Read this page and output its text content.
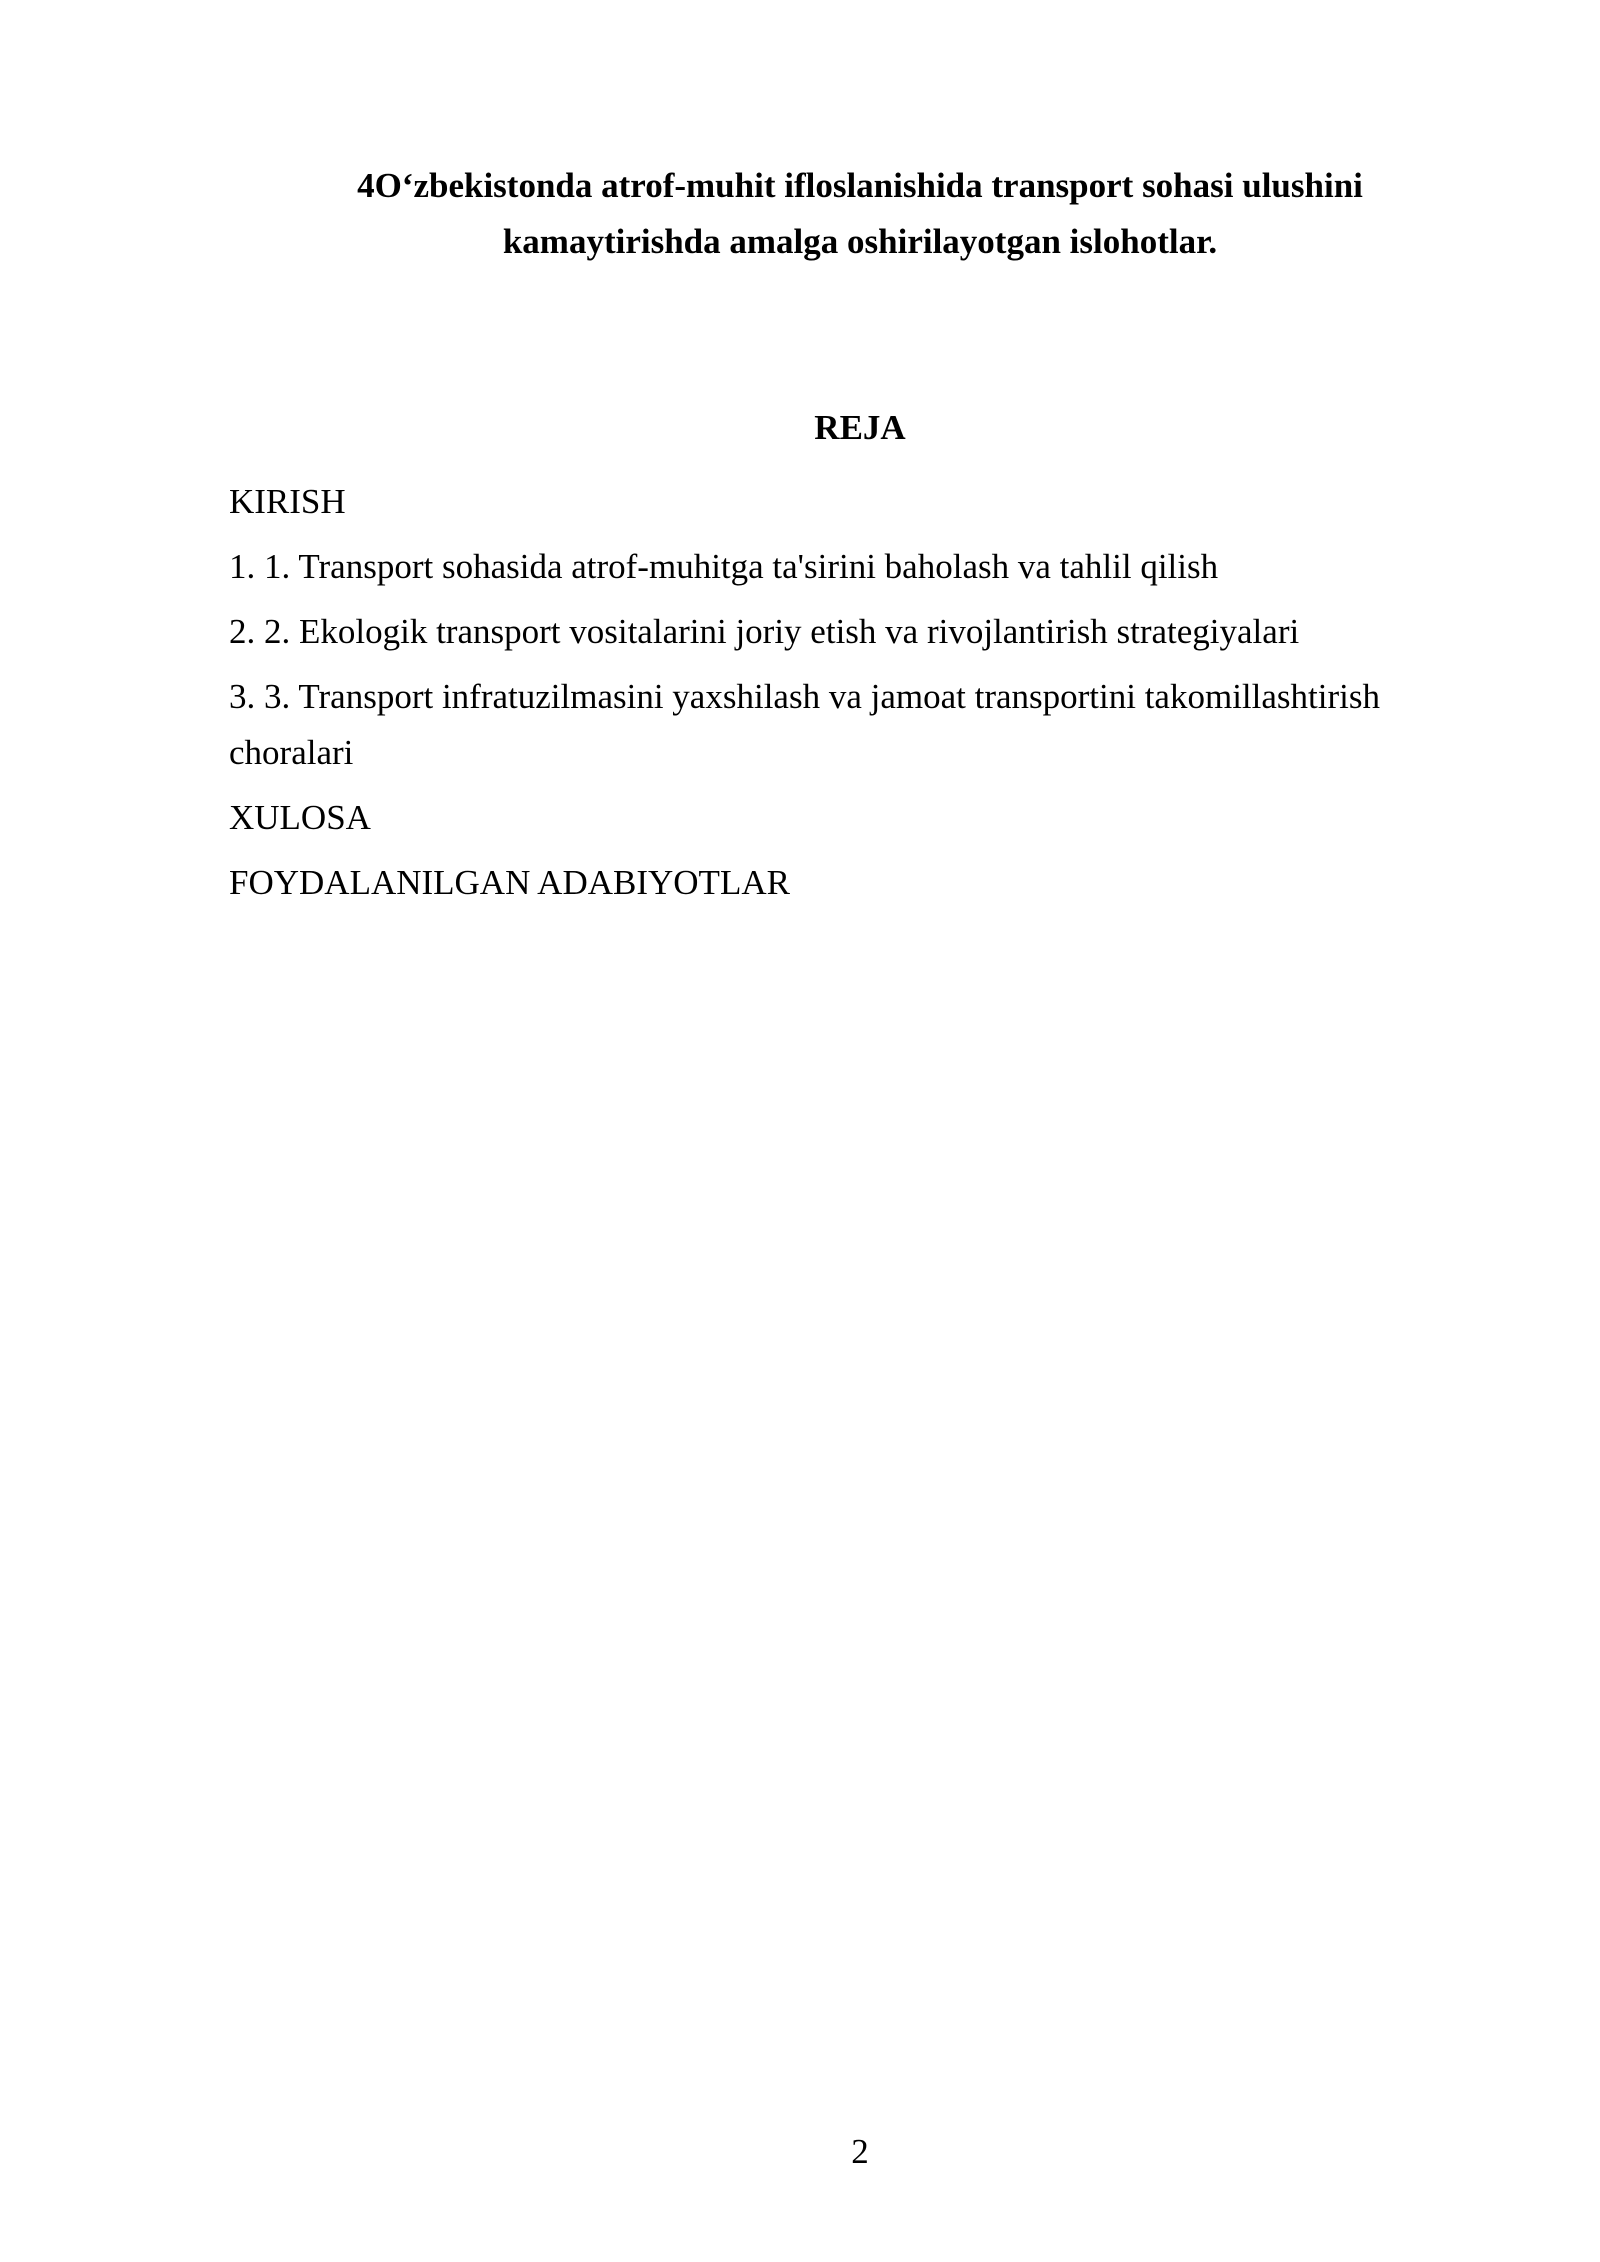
4O‘zbekistonda atrof-muhit ifloslanishida transport sohasi ulushini
kamaytirishda amalga oshirilayotgan islohotlar.
REJA
KIRISH
1. 1. Transport sohasida atrof-muhitga ta'sirini baholash va tahlil qilish
2. 2. Ekologik transport vositalarini joriy etish va rivojlantirish strategiyalari
3. 3. Transport infratuzilmasini yaxshilash va jamoat transportini takomillashtirish choralari
XULOSA
FOYDALANILGAN ADABIYOTLAR
2
